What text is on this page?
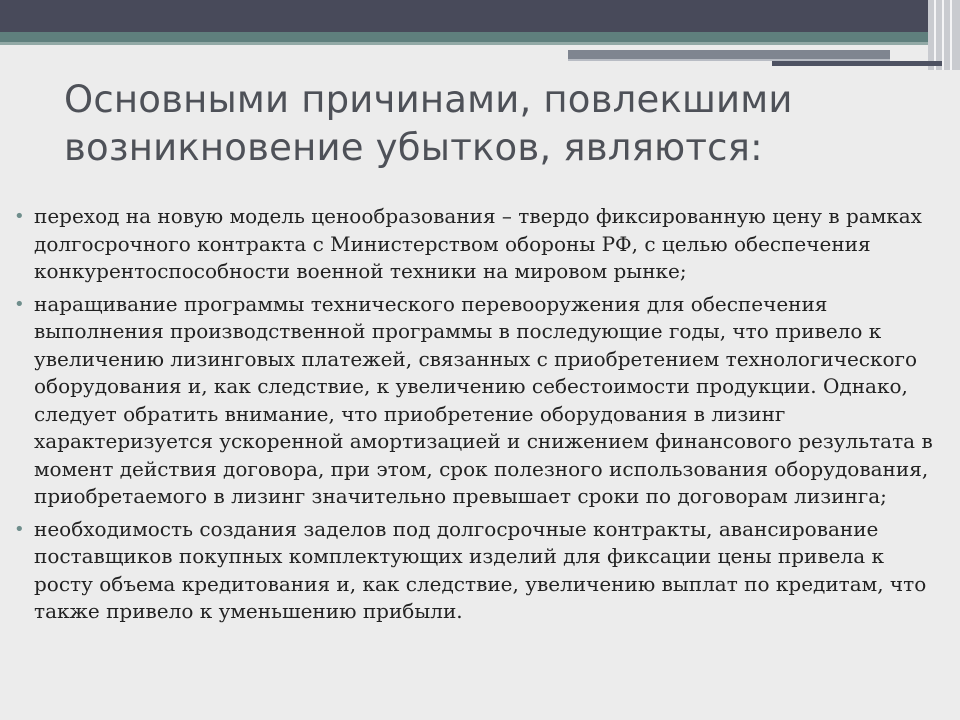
Основными причинами, повлекшими возникновение убытков, являются:
• переход на новую модель ценообразования – твердо фиксированную цену в рамках долгосрочного контракта с Министерством обороны РФ, с целью обеспечения конкурентоспособности военной техники на мировом рынке;
• наращивание программы технического перевооружения для обеспечения выполнения производственной программы в последующие годы, что привело к увеличению лизинговых платежей, связанных с приобретением технологического оборудования и, как следствие, к увеличению себестоимости продукции. Однако, следует обратить внимание, что приобретение оборудования в лизинг характеризуется ускоренной амортизацией и снижением финансового результата в момент действия договора, при этом, срок полезного использования оборудования, приобретаемого в лизинг значительно превышает сроки по договорам лизинга;
• необходимость создания заделов под долгосрочные контракты, авансирование поставщиков покупных комплектующих изделий для фиксации цены привела к росту объема кредитования и, как следствие, увеличению выплат по кредитам, что также привело к уменьшению прибыли.
